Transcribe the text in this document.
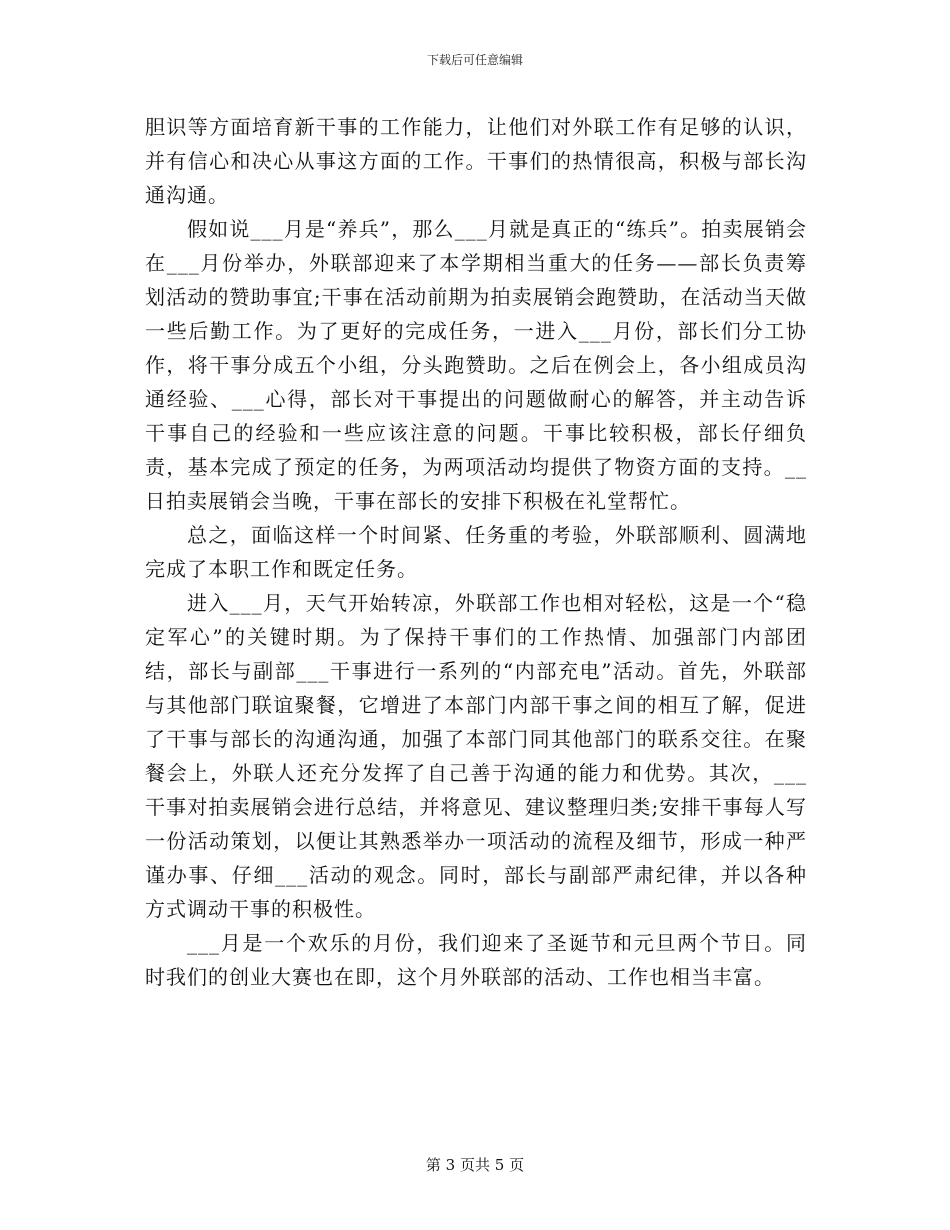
下载后可任意编辑

胆识等方面培育新干事的工作能力，让他们对外联工作有足够的认识，并有信心和决心从事这方面的工作。干事们的热情很高，积极与部长沟通沟通。

假如说___月是“养兵”，那么___月就是真正的“练兵”。拍卖展销会在___月份举办，外联部迎来了本学期相当重大的任务——部长负责筹划活动的赞助事宜;干事在活动前期为拍卖展销会跑赞助，在活动当天做一些后勤工作。为了更好的完成任务，一进入___月份，部长们分工协作，将干事分成五个小组，分头跑赞助。之后在例会上，各小组成员沟通经验、___心得，部长对干事提出的问题做耐心的解答，并主动告诉干事自己的经验和一些应该注意的问题。干事比较积极，部长仔细负责，基本完成了预定的任务，为两项活动均提供了物资方面的支持。__日拍卖展销会当晚，干事在部长的安排下积极在礼堂帮忙。

总之，面临这样一个时间紧、任务重的考验，外联部顺利、圆满地完成了本职工作和既定任务。

进入___月，天气开始转凉，外联部工作也相对轻松，这是一个“稳定军心”的关键时期。为了保持干事们的工作热情、加强部门内部团结，部长与副部___干事进行一系列的“内部充电”活动。首先，外联部与其他部门联谊聚餐，它增进了本部门内部干事之间的相互了解，促进了干事与部长的沟通沟通，加强了本部门同其他部门的联系交往。在聚餐会上，外联人还充分发挥了自己善于沟通的能力和优势。其次，___干事对拍卖展销会进行总结，并将意见、建议整理归类;安排干事每人写一份活动策划，以便让其熟悉举办一项活动的流程及细节，形成一种严谨办事、仔细___活动的观念。同时，部长与副部严肃纪律，并以各种方式调动干事的积极性。

___月是一个欢乐的月份，我们迎来了圣诞节和元旦两个节日。同时我们的创业大赛也在即，这个月外联部的活动、工作也相当丰富。

第 3 页共 5 页
